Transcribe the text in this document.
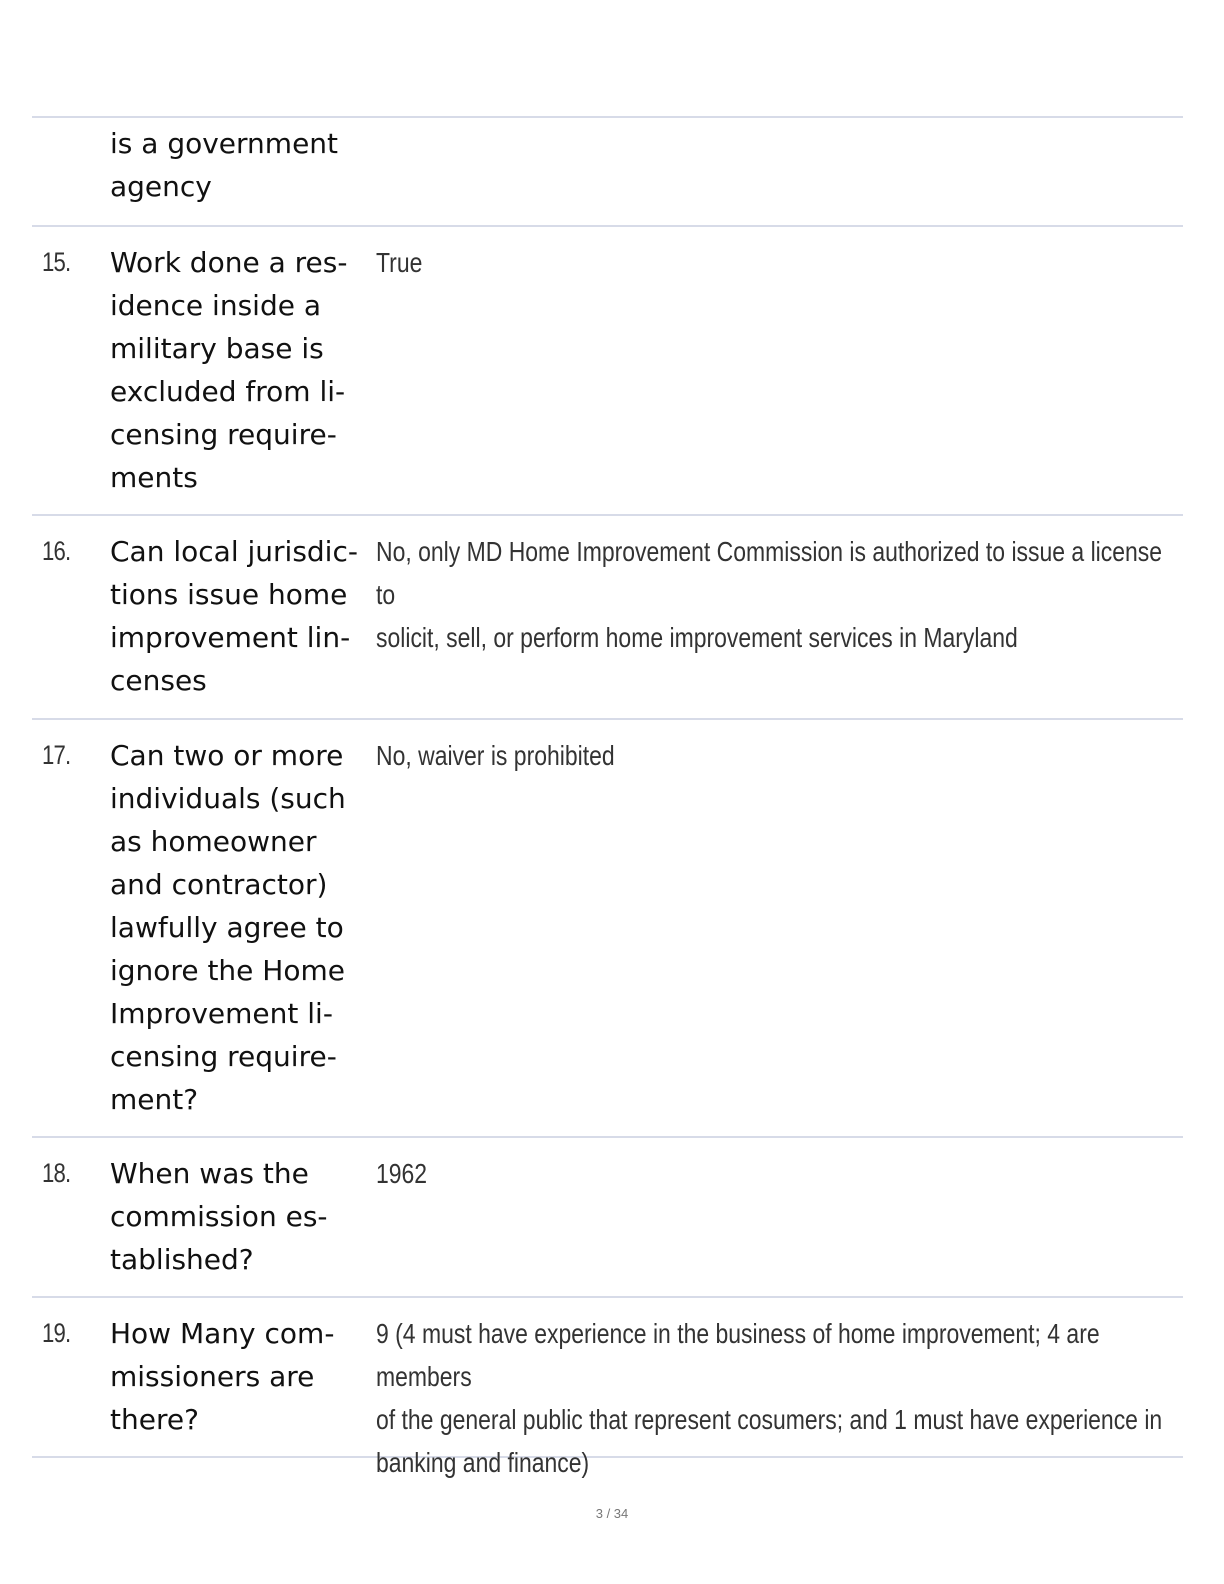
is a government
agency
15. Work done a res-
idence inside a
military base is
excluded from li-
censing require-
ments
True
16. Can local jurisdic-
tions issue home
improvement lin-
censes
No, only MD Home Improvement Commission is authorized to issue a license to
solicit, sell, or perform home improvement services in Maryland
17. Can two or more
individuals (such
as homeowner
and contractor)
lawfully agree to
ignore the Home
Improvement li-
censing require-
ment?
No, waiver is prohibited
18. When was the
commission es-
tablished?
1962
19. How Many com-
missioners are
there?
9 (4 must have experience in the business of home improvement; 4 are members
of the general public that represent cosumers; and 1 must have experience in
banking and finance)
3 / 34
